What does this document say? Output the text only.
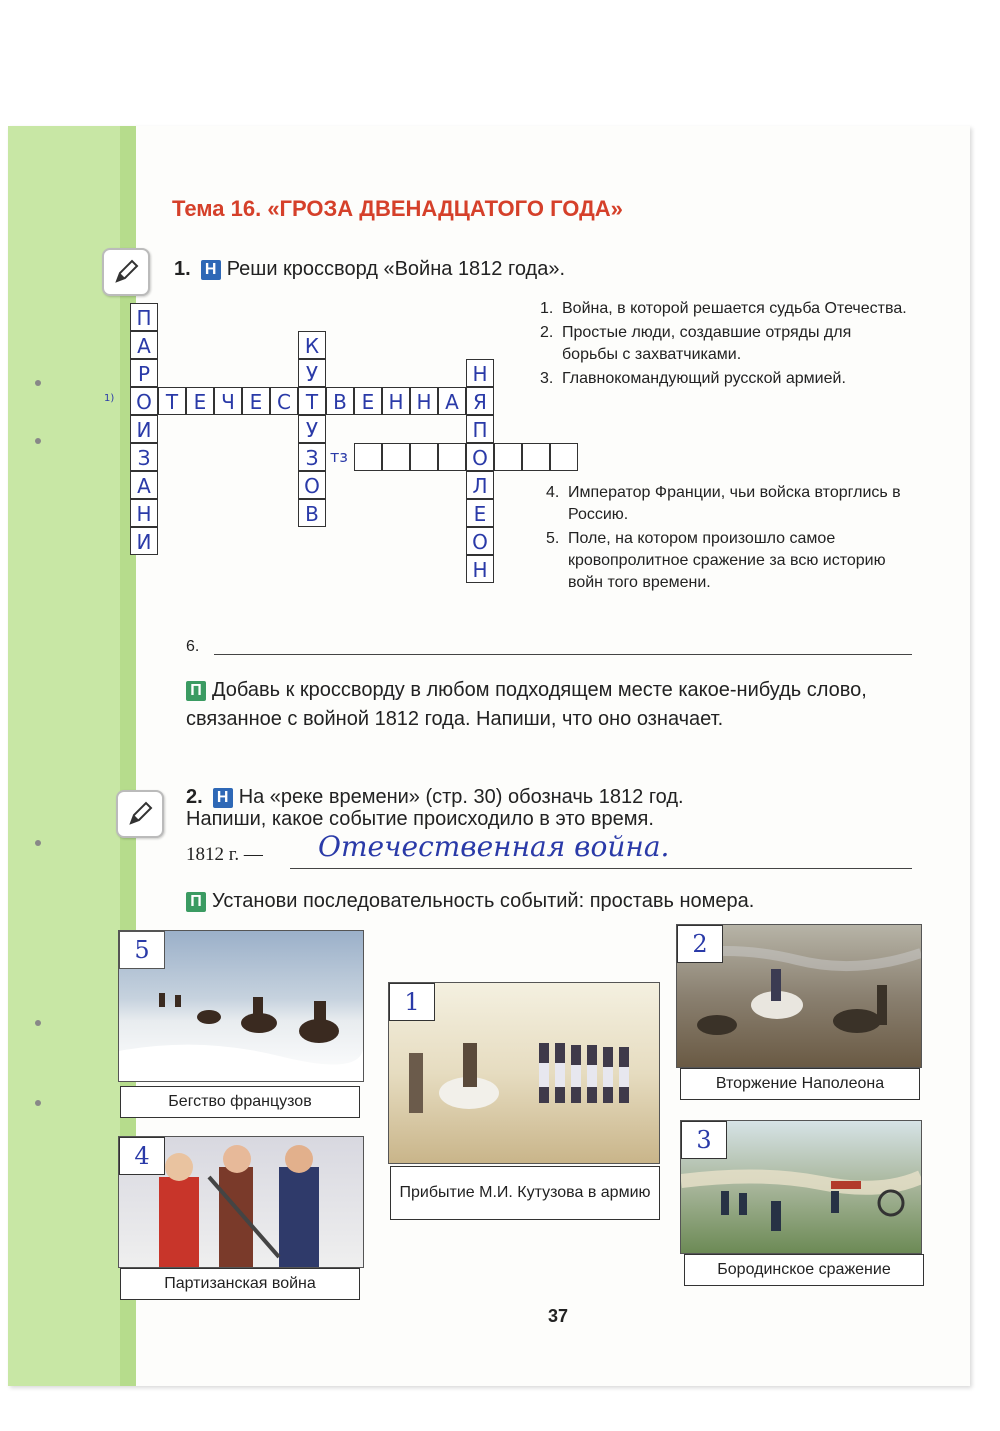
Тема 16. «ГРОЗА ДВЕНАДЦАТОГО ГОДА»
1. Н Реши кроссворд «Война 1812 года».
1)	О Т Е Ч Е С Т В Е Н Н А Я
П
А
Р
И
З
А
Н
И
К
У
У
З
О
В
тз
Н
П
О
Л
Е
О
Н
1. Война, в которой решается судьба Отечества.
2. Простые люди, создавшие отряды для борьбы с захватчиками.
3. Главнокомандующий русской армией.
4. Император Франции, чьи войска вторглись в Россию.
5. Поле, на котором произошло самое кровопролитное сражение за всю историю войн того времени.
6.
П Добавь к кроссворду в любом подходящем месте какое-нибудь слово, связанное с войной 1812 года. Напиши, что оно означает.
2. Н На «реке времени» (стр. 30) обозначь 1812 год.
Напиши, какое событие происходило в это время.
1812 г. — Отечественная война.
П Установи последовательность событий: проставь номера.
5
Бегство французов
1
Прибытие М.И. Кутузова в армию
2
Вторжение Наполеона
4
Партизанская война
3
Бородинское сражение
37
